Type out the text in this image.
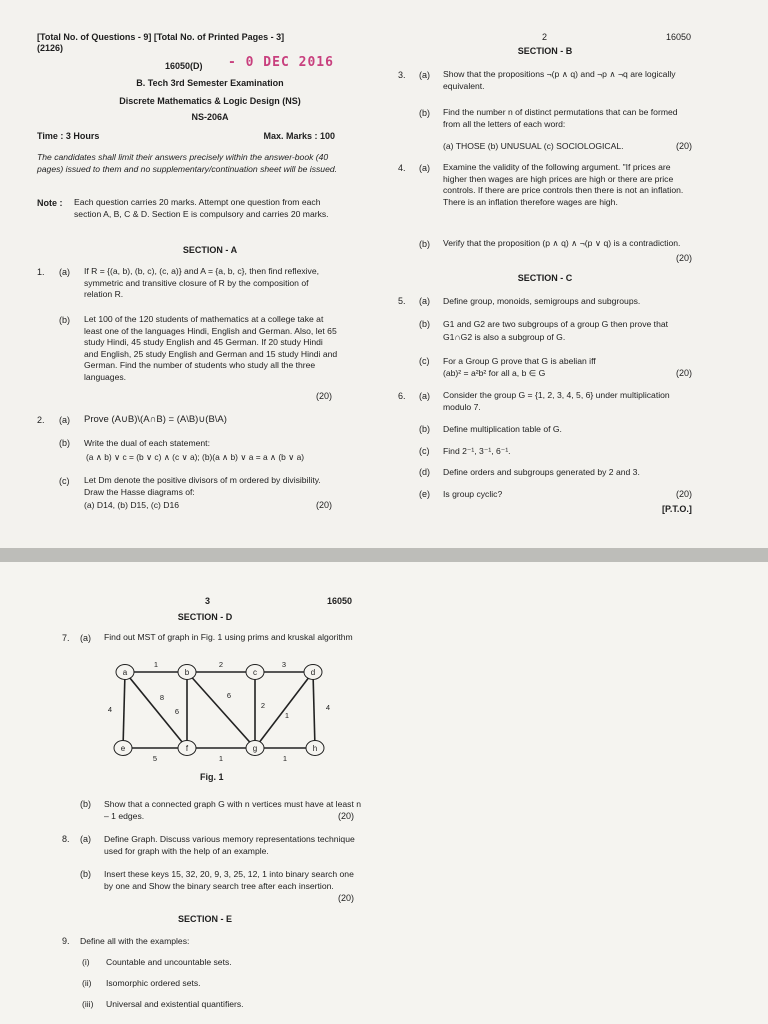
[Total No. of Questions - 9] [Total No. of Printed Pages - 3]
(2126)
16050(D) - 0 DEC 2016
B. Tech 3rd Semester Examination
Discrete Mathematics & Logic Design (NS)
NS-206A
Time : 3 Hours	Max. Marks : 100
The candidates shall limit their answers precisely within the answer-book (40 pages) issued to them and no supplementary/continuation sheet will be issued.
Note : Each question carries 20 marks. Attempt one question from each section A, B, C & D. Section E is compulsory and carries 20 marks.
SECTION - A
1. (a) If R = {(a, b), (b, c), (c, a)} and A = {a, b, c}, then find reflexive, symmetric and transitive closure of R by the composition of relation R.
(b) Let 100 of the 120 students of mathematics at a college take at least one of the languages Hindi, English and German. Also, let 65 study Hindi, 45 study English and 45 German. If 20 study Hindi and English, 25 study English and German and 15 study Hindi and German. Find the number of students who study all the three languages.
(20)
2. (a) Prove (A∪B)\(A∩B) = (A\B)∪(B\A)
(b) Write the dual of each statement:
(a ∧ b) ∨ c = (b ∨ c) ∧ (c ∨ a); (b)(a ∧ b) ∨ a = a ∧ (b ∨ a)
(c) Let Dm denote the positive divisors of m ordered by divisibility. Draw the Hasse diagrams of:
(a) D14, (b) D15, (c) D16	(20)
2	16050
SECTION - B
3. (a) Show that the propositions ¬(p ∧ q) and ¬p ∧ ¬q are logically equivalent.
(b) Find the number n of distinct permutations that can be formed from all the letters of each word:
(a) THOSE (b) UNUSUAL (c) SOCIOLOGICAL.	(20)
4. (a) Examine the validity of the following argument. "If prices are higher then wages are high prices are high or there are price controls. If there are price controls then there is not an inflation. There is an inflation therefore wages are high.
(b) Verify that the proposition (p ∧ q) ∧ ¬(p ∨ q) is a contradiction.
(20)
SECTION - C
5. (a) Define group, monoids, semigroups and subgroups.
(b) G1 and G2 are two subgroups of a group G then prove that G1∩G2 is also a subgroup of G.
(c) For a Group G prove that G is abelian iff
(ab)² = a²b² for all a, b ∈ G	(20)
6. (a) Consider the group G = {1, 2, 3, 4, 5, 6} under multiplication modulo 7.
(b) Define multiplication table of G.
(c) Find 2⁻¹, 3⁻¹, 6⁻¹.
(d) Define orders and subgroups generated by 2 and 3.
(e) Is group cyclic?	(20)
[P.T.O.]
3	16050
SECTION - D
7. (a) Find out MST of graph in Fig. 1 using prims and kruskal algorithm
1	2	3
4
8
6
6
2
1
4
5	1	1
a	b	c	d
e	f	g	h
Fig. 1
(b) Show that a connected graph G with n vertices must have at least n – 1 edges.	(20)
8. (a) Define Graph. Discuss various memory representations technique used for graph with the help of an example.
(b) Insert these keys 15, 32, 20, 9, 3, 25, 12, 1 into binary search one by one and Show the binary search tree after each insertion.
(20)
SECTION - E
9. Define all with the examples:
(i) Countable and uncountable sets.
(ii) Isomorphic ordered sets.
(iii) Universal and existential quantifiers.
